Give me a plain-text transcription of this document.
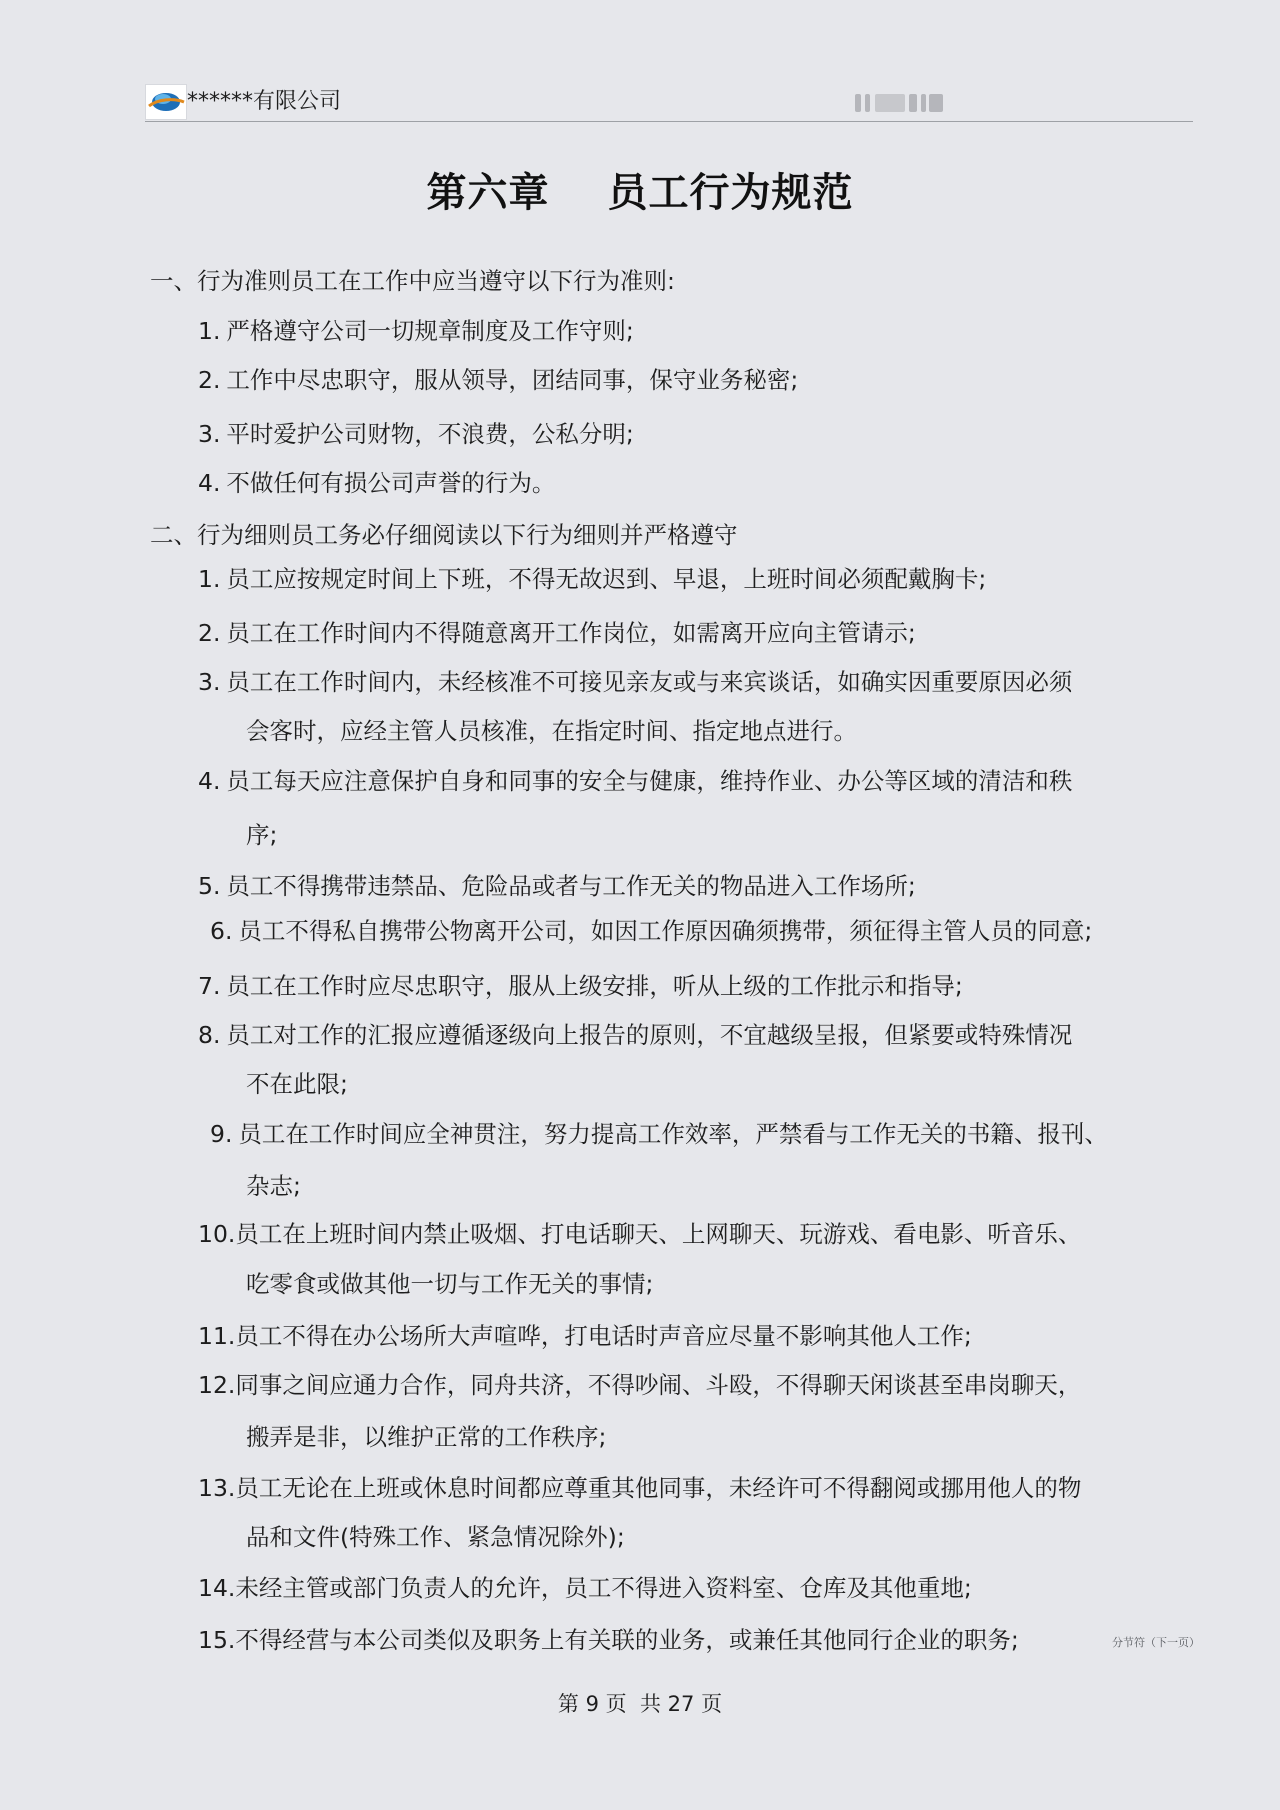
******有限公司
第六章 员工行为规范
一、行为准则员工在工作中应当遵守以下行为准则:
1. 严格遵守公司一切规章制度及工作守则;
2. 工作中尽忠职守，服从领导，团结同事，保守业务秘密;
3. 平时爱护公司财物，不浪费，公私分明;
4. 不做任何有损公司声誉的行为。
二、行为细则员工务必仔细阅读以下行为细则并严格遵守
1. 员工应按规定时间上下班，不得无故迟到、早退，上班时间必须配戴胸卡;
2. 员工在工作时间内不得随意离开工作岗位，如需离开应向主管请示;
3. 员工在工作时间内，未经核准不可接见亲友或与来宾谈话，如确实因重要原因必须
会客时，应经主管人员核准，在指定时间、指定地点进行。
4. 员工每天应注意保护自身和同事的安全与健康，维持作业、办公等区域的清洁和秩
序;
5. 员工不得携带违禁品、危险品或者与工作无关的物品进入工作场所;
6. 员工不得私自携带公物离开公司，如因工作原因确须携带，须征得主管人员的同意;
7. 员工在工作时应尽忠职守，服从上级安排，听从上级的工作批示和指导;
8. 员工对工作的汇报应遵循逐级向上报告的原则，不宜越级呈报，但紧要或特殊情况
不在此限;
9. 员工在工作时间应全神贯注，努力提高工作效率，严禁看与工作无关的书籍、报刊、
杂志;
10.员工在上班时间内禁止吸烟、打电话聊天、上网聊天、玩游戏、看电影、听音乐、
吃零食或做其他一切与工作无关的事情;
11.员工不得在办公场所大声喧哗，打电话时声音应尽量不影响其他人工作;
12.同事之间应通力合作，同舟共济，不得吵闹、斗殴，不得聊天闲谈甚至串岗聊天，
搬弄是非，以维护正常的工作秩序;
13.员工无论在上班或休息时间都应尊重其他同事，未经许可不得翻阅或挪用他人的物
品和文件(特殊工作、紧急情况除外);
14.未经主管或部门负责人的允许，员工不得进入资料室、仓库及其他重地;
15.不得经营与本公司类似及职务上有关联的业务，或兼任其他同行企业的职务;	分节符（下一页）
第 9 页 共 27 页
